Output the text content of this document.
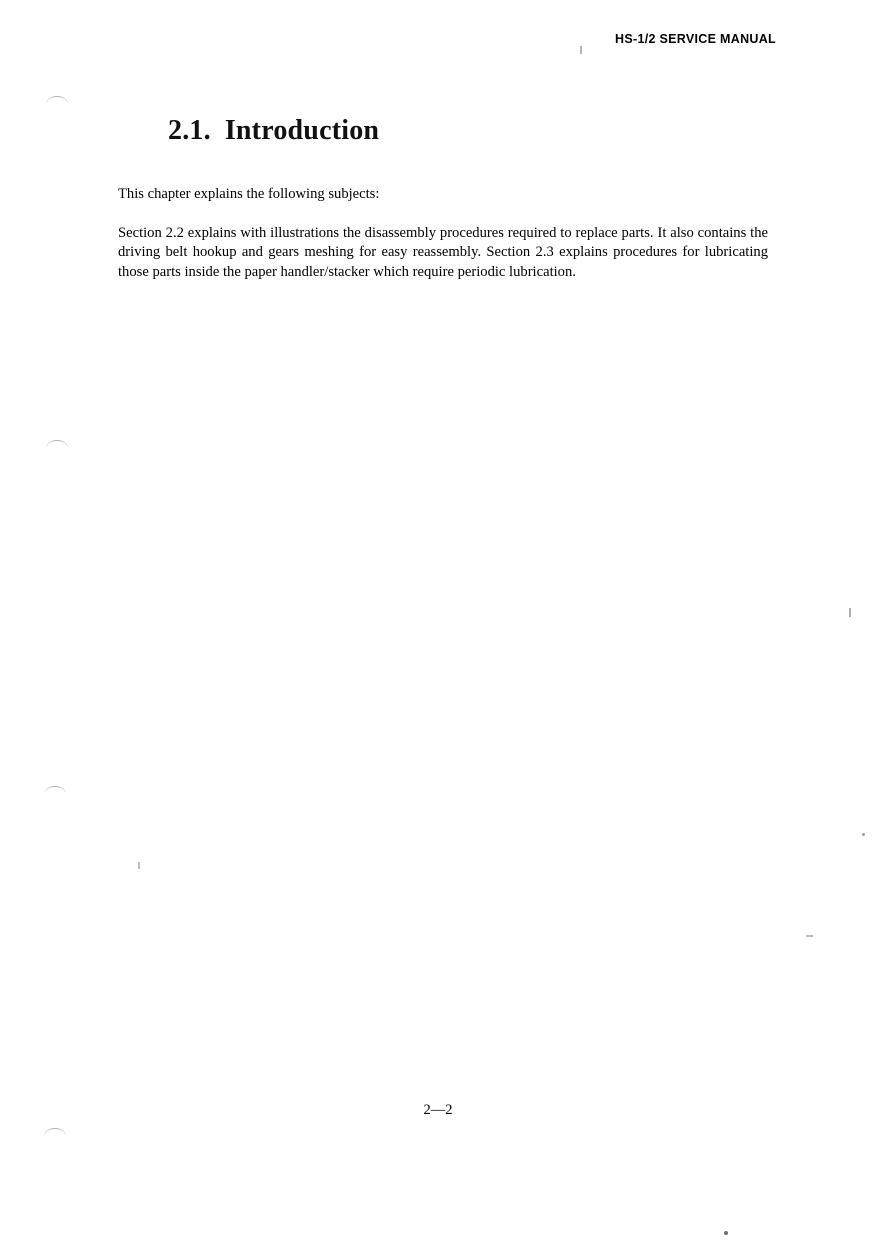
HS-1/2 SERVICE MANUAL
2.1. Introduction

This chapter explains the following subjects:

Section 2.2 explains with illustrations the disassembly procedures required to replace parts. It also contains the driving belt hookup and gears meshing for easy reassembly. Section 2.3 explains procedures for lubricating those parts inside the paper handler/stacker which require periodic lubrication.

2—2
